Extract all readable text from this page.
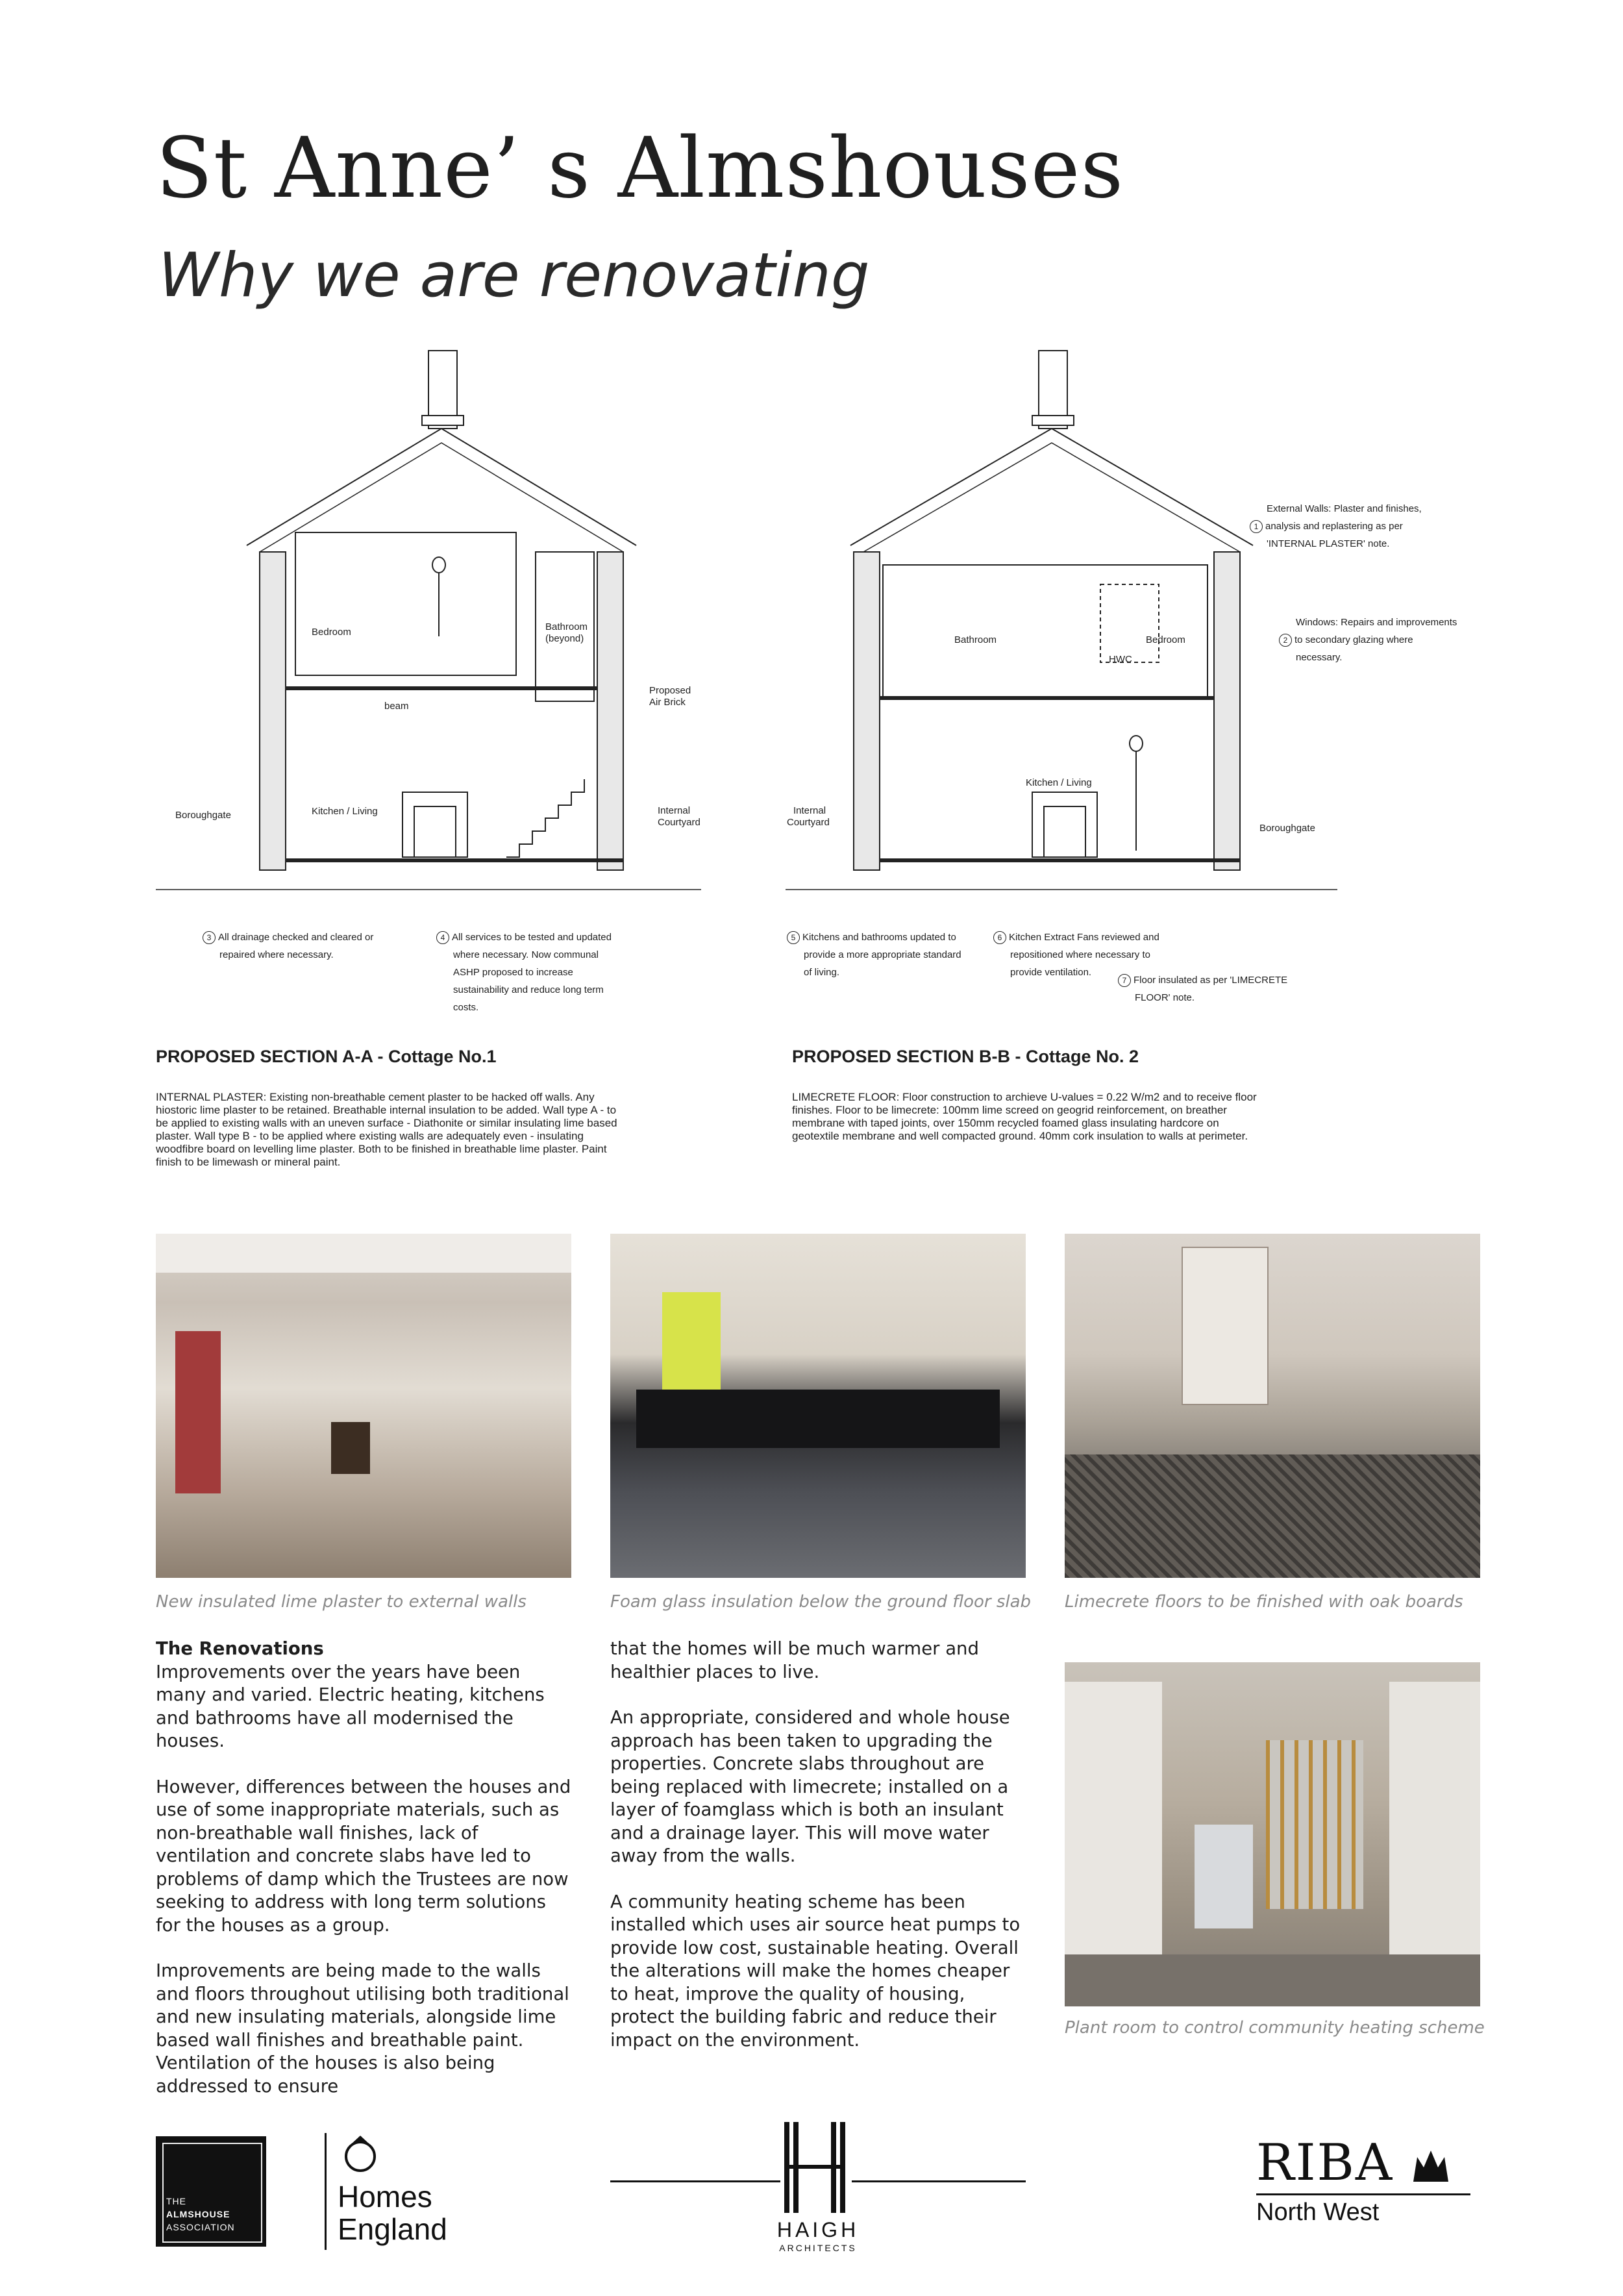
St Anne’ s Almshouses
Why we are renovating
Bedroom	Bathroom
(beyond)
Proposed
Air Brick
beam
Kitchen / Living
Boroughgate	Internal
Courtyard
Bathroom	Bedroom
HWC
Kitchen / Living
Internal
Courtyard
Boroughgate
External Walls: Plaster and finishes,
1 analysis and replastering as per
'INTERNAL PLASTER' note.
Windows: Repairs and improvements
2 to secondary glazing where
necessary.
3 All drainage checked and cleared or
repaired where necessary.
4 All services to be tested and updated
where necessary. Now communal
ASHP proposed to increase
sustainability and reduce long term
costs.
5 Kitchens and bathrooms updated to
provide a more appropriate standard
of living.
6 Kitchen Extract Fans reviewed and
repositioned where necessary to
provide ventilation.
7 Floor insulated as per 'LIMECRETE
FLOOR' note.
PROPOSED SECTION A-A - Cottage No.1
INTERNAL PLASTER: Existing non-breathable cement plaster to be hacked off walls. Any hiostoric lime plaster to be retained. Breathable internal insulation to be added. Wall type A - to be applied to existing walls with an uneven surface - Diathonite or similar insulating lime based plaster. Wall type B - to be applied where existing walls are adequately even - insulating woodfibre board on levelling lime plaster. Both to be finished in breathable lime plaster. Paint finish to be limewash or mineral paint.
PROPOSED SECTION B-B - Cottage No. 2
LIMECRETE FLOOR: Floor construction to archieve U-values = 0.22 W/m2 and to receive floor finishes. Floor to be limecrete: 100mm lime screed on geogrid reinforcement, on breather membrane with taped joints, over 150mm recycled foamed glass insulating hardcore on geotextile membrane and well compacted ground. 40mm cork insulation to walls at perimeter.
New insulated lime plaster to external walls	Foam glass insulation below the ground floor slab Limecrete floors to be finished with oak boards
Plant room to control community heating scheme
The Renovations

Improvements over the years have been many and varied. Electric heating, kitchens and bathrooms have all modernised the houses.

However, differences between the houses and use of some inappropriate materials, such as non-breathable wall finishes, lack of ventilation and concrete slabs have led to problems of damp which the Trustees are now seeking to address with long term solutions for the houses as a group.

Improvements are being made to the walls and floors throughout utilising both traditional and new insulating materials, alongside lime based wall finishes and breathable paint. Ventilation of the houses is also being addressed to ensure

that the homes will be much warmer and healthier places to live.

An appropriate, considered and whole house approach has been taken to upgrading the properties. Concrete slabs throughout are being replaced with limecrete; installed on a layer of foamglass which is both an insulant and a drainage layer. This will move water away from the walls.

A community heating scheme has been installed which uses air source heat pumps to provide low cost, sustainable heating. Overall the alterations will make the homes cheaper to heat, improve the quality of housing, protect the building fabric and reduce their impact on the environment.

THE
ALMSHOUSE
ASSOCIATION
Homes
England	HAIGH
ARCHITECTS
RIBA
North West
